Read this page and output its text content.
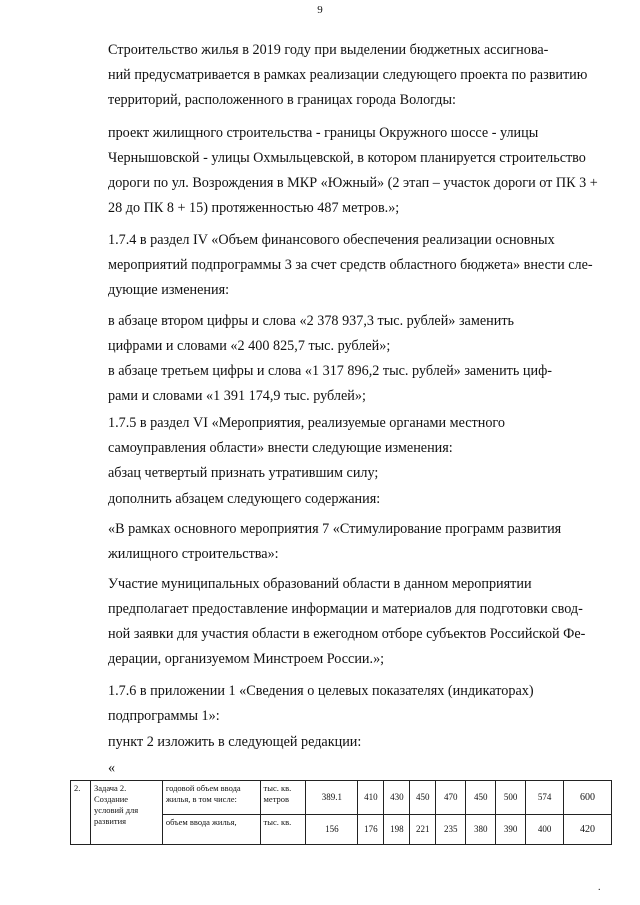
9
Строительство жилья в 2019 году при выделении бюджетных ассигнова-
ний предусматривается в рамках реализации следующего проекта по развитию
территорий, расположенного в границах города Вологды:
проект жилищного строительства - границы Окружного шоссе - улицы
Чернышовской - улицы Охмыльцевской, в котором планируется строительство
дороги по ул. Возрождения в МКР «Южный» (2 этап – участок дороги от ПК 3 +
28 до ПК 8 + 15) протяженностью 487 метров.»;
1.7.4 в раздел IV «Объем финансового обеспечения реализации основных
мероприятий подпрограммы 3 за счет средств областного бюджета» внести сле-
дующие изменения:
в абзаце втором цифры и слова «2 378 937,3 тыс. рублей» заменить
цифрами и словами «2 400 825,7 тыс. рублей»;
в абзаце третьем цифры и слова «1 317 896,2 тыс. рублей» заменить циф-
рами и словами «1 391 174,9 тыс. рублей»;
1.7.5 в раздел VI «Мероприятия, реализуемые органами местного
самоуправления области» внести следующие изменения:
абзац четвертый признать утратившим силу;
дополнить абзацем следующего содержания:
«В рамках основного мероприятия 7 «Стимулирование программ развития
жилищного строительства»:
Участие муниципальных образований области в данном мероприятии
предполагает предоставление информации и материалов для подготовки свод-
ной заявки для участия области в ежегодном отборе субъектов Российской Фе-
дерации, организуемом Минстроем России.»;
1.7.6 в приложении 1 «Сведения о целевых показателях (индикаторах)
подпрограммы 1»:
пункт 2 изложить в следующей редакции:
«
2.	Задача 2. Создание условий для развития	годовой объем ввода жилья, в том числе:	тыс. кв. метров	389.1	410	430	450	470	450	500	574	600
		объем ввода жилья,	тыс. кв.	156	176	198	221	235	380	390	400	420
.
